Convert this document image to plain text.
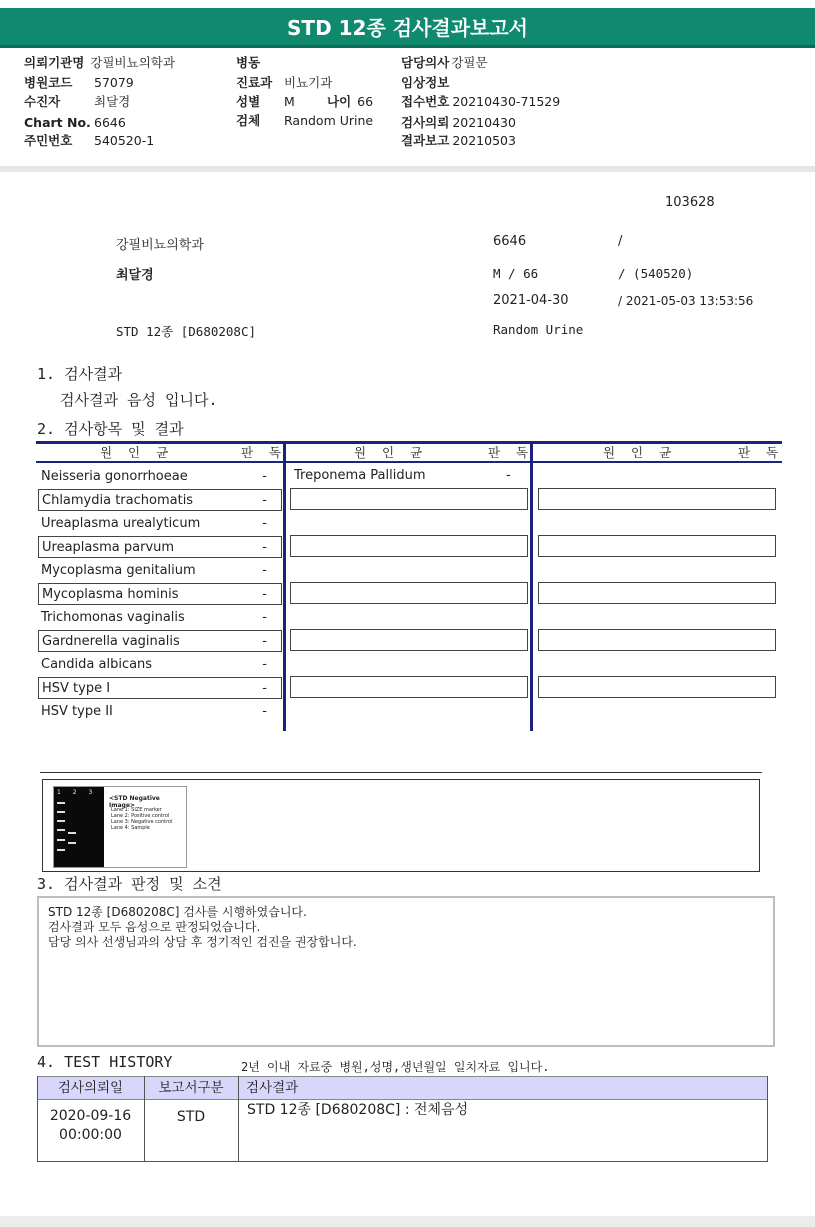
STD 12종 검사결과보고서
의뢰기관명 강필비뇨의학과
병원코드 57079
수진자	최달경
Chart No. 6646
주민번호 540520-1
병동
진료과 비뇨기과
성별 M	나이 66
검체 Random Urine
담당의사 강필문
임상정보
접수번호 20210430-71529
검사의뢰 20210430
결과보고 20210503
103628
강필비뇨의학과	6646	/
최달경	M / 66	/ (540520)
2021-04-30	/ 2021-05-03 13:53:56
STD 12종 [D680208C]	Random Urine
1. 검사결과
검사결과 음성 입니다.
2. 검사항목 및 결과
원 인 균	판 독	원 인 균	판 독	원 인 균	판 독
Neisseria gonorrhoeae	-
Chlamydia trachomatis	-
Ureaplasma urealyticum	-
Ureaplasma parvum	-
Mycoplasma genitalium	-
Mycoplasma hominis	-
Trichomonas vaginalis	-
Gardnerella vaginalis	-
Candida albicans	-
HSV type I	-
HSV type II	-
Treponema Pallidum	-
1 2 3 4
<STD Negative Image>
Lane 1: SIZE marker
Lane 2: Positive control
Lane 3: Negative control
Lane 4: Sample
3. 검사결과 판정 및 소견
STD 12종 [D680208C] 검사를 시행하였습니다.
검사결과 모두 음성으로 판정되었습니다.
담당 의사 선생님과의 상담 후 정기적인 검진을 권장합니다.
4. TEST HISTORY	2년 이내 자료중 병원,성명,생년월일 일치자료 입니다.
검사의뢰일	보고서구분	검사결과
2020-09-16
00:00:00
STD	STD 12종 [D680208C] : 전체음성
